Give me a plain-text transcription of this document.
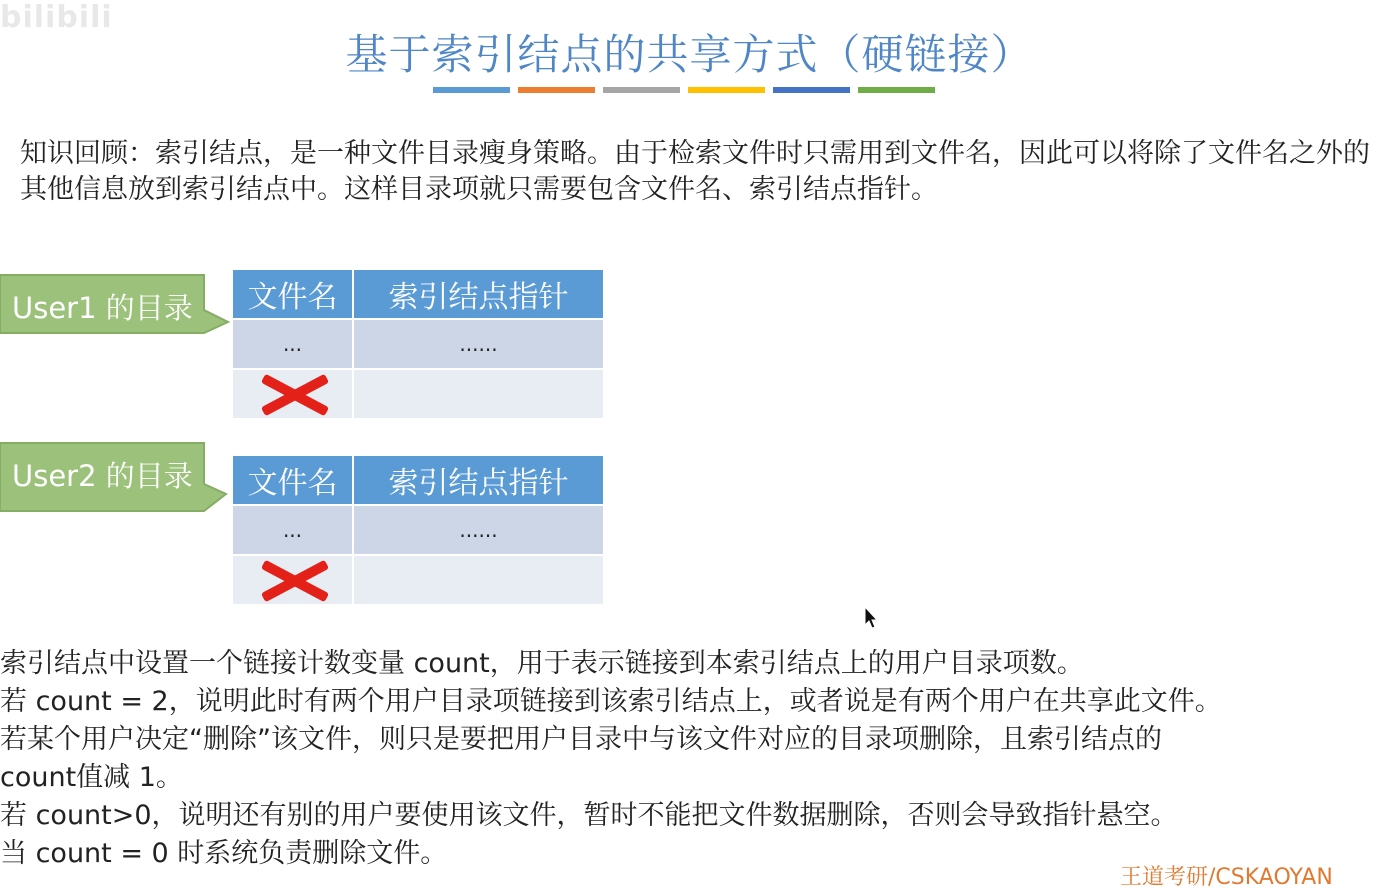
bilibili
基于索引结点的共享方式（硬链接）
知识回顾：索引结点，是一种文件目录瘦身策略。由于检索文件时只需用到文件名，因此可以将除了文件名之外的其他信息放到索引结点中。这样目录项就只需要包含文件名、索引结点指针。
User1 的目录	文件名	索引结点指针
...	......
User2 的目录	文件名	索引结点指针
...	......

索引结点中设置一个链接计数变量 count，用于表示链接到本索引结点上的用户目录项数。

若 count = 2，说明此时有两个用户目录项链接到该索引结点上，或者说是有两个用户在共享此文件。

若某个用户决定“删除”该文件，则只是要把用户目录中与该文件对应的目录项删除，且索引结点的

count值减 1。

若 count>0，说明还有别的用户要使用该文件，暂时不能把文件数据删除，否则会导致指针悬空。

当 count = 0 时系统负责删除文件。

王道考研/CSKAOYAN
